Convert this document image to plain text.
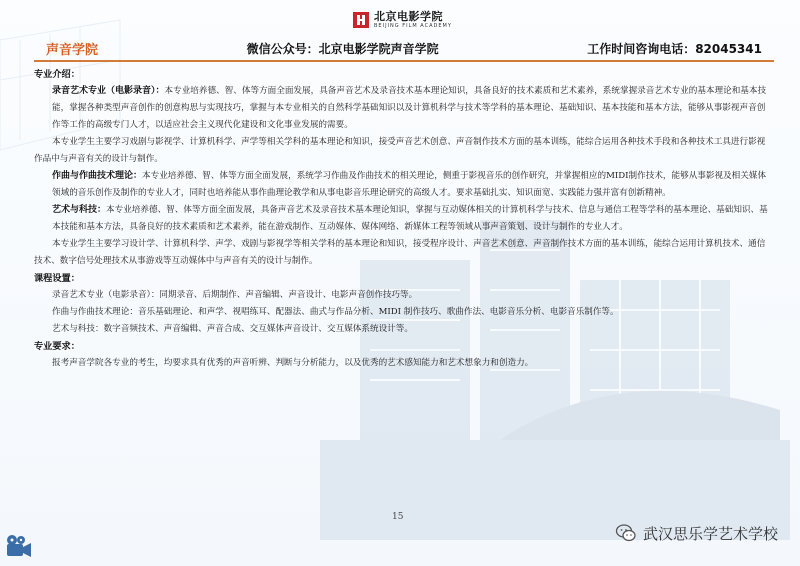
北京电影学院
BEIJING FILM ACADEMY
声音学院	微信公众号：北京电影学院声音学院	工作时间咨询电话：82045341

专业介绍：

录音艺术专业（电影录音）：本专业培养德、智、体等方面全面发展，具备声音艺术及录音技术基本理论知识，具备良好的技术素质和艺术素养，系统掌握录音艺术专业的基本理论和基本技能，掌握各种类型声音创作的创意构思与实现技巧，掌握与本专业相关的自然科学基础知识以及计算机科学与技术等学科的基本理论、基础知识、基本技能和基本方法，能够从事影视声音创作等工作的高级专门人才，以适应社会主义现代化建设和文化事业发展的需要。

本专业学生主要学习戏剧与影视学、计算机科学、声学等相关学科的基本理论和知识，接受声音艺术创意、声音制作技术方面的基本训练，能综合运用各种技术手段和各种技术工具进行影视作品中与声音有关的设计与制作。

作曲与作曲技术理论：本专业培养德、智、体等方面全面发展，系统学习作曲及作曲技术的相关理论，侧重于影视音乐的创作研究，并掌握相应的MIDI制作技术，能够从事影视及相关媒体领域的音乐创作及制作的专业人才，同时也培养能从事作曲理论教学和从事电影音乐理论研究的高级人才。要求基础扎实、知识面宽、实践能力强并富有创新精神。

艺术与科技：本专业培养德、智、体等方面全面发展，具备声音艺术及录音技术基本理论知识，掌握与互动媒体相关的计算机科学与技术、信息与通信工程等学科的基本理论、基础知识、基本技能和基本方法，具备良好的技术素质和艺术素养，能在游戏制作、互动媒体、媒体网络、新媒体工程等领域从事声音策划、设计与制作的专业人才。

本专业学生主要学习设计学、计算机科学、声学、戏剧与影视学等相关学科的基本理论和知识，接受程序设计、声音艺术创意、声音制作技术方面的基本训练，能综合运用计算机技术、通信技术、数字信号处理技术从事游戏等互动媒体中与声音有关的设计与制作。

课程设置：

录音艺术专业（电影录音）：同期录音、后期制作、声音编辑、声音设计、电影声音创作技巧等。

作曲与作曲技术理论：音乐基础理论、和声学、视唱练耳、配器法、曲式与作品分析、MIDI 制作技巧、歌曲作法、电影音乐分析、电影音乐制作等。

艺术与科技：数字音频技术、声音编辑、声音合成、交互媒体声音设计、交互媒体系统设计等。

专业要求：

报考声音学院各专业的考生，均要求具有优秀的声音听辨、判断与分析能力，以及优秀的艺术感知能力和艺术想象力和创造力。

15
武汉思乐学艺术学校
